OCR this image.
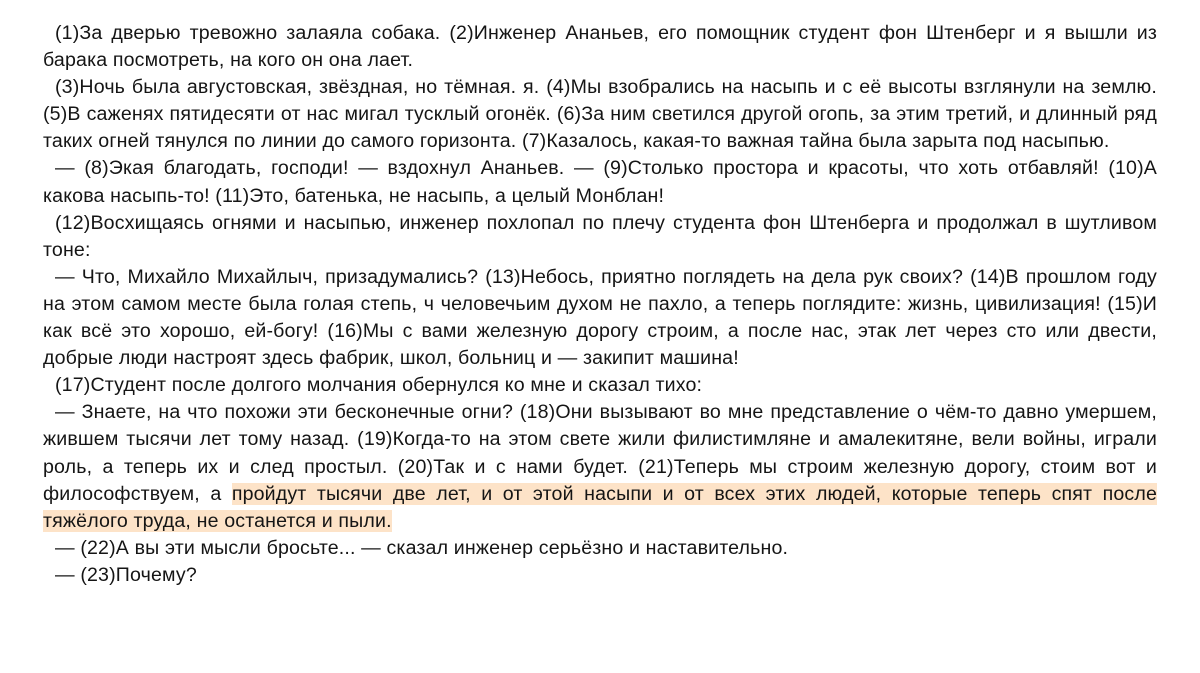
(1)За дверью тревожно залаяла собака. (2)Инженер Ананьев, его помощник студент фон Штенберг и я вышли из барака посмотреть, на кого он она лает.

(3)Ночь была августовская, звёздная, но тёмная. я. (4)Мы взобрались на насыпь и с её высоты взглянули на землю. (5)В саженях пятидесяти от нас мигал тусклый огонёк. (6)За ним светился другой огопь, за этим третий, и длинный ряд таких огней тянулся по линии до самого горизонта. (7)Казалось, какая-то важная тайна была зарыта под насыпью.

— (8)Экая благодать, господи! — вздохнул Ананьев. — (9)Столько простора и красоты, что хоть отбавляй! (10)А какова насыпь-то! (11)Это, батенька, не насыпь, а целый Монблан!

(12)Восхищаясь огнями и насыпью, инженер похлопал по плечу студента фон Штенберга и продолжал в шутливом тоне:

— Что, Михайло Михайлыч, призадумались? (13)Небось, приятно поглядеть на дела рук своих? (14)В прошлом году на этом самом месте была голая степь, ч человечьим духом не пахло, а теперь поглядите: жизнь, цивилизация! (15)И как всё это хорошо, ей-богу! (16)Мы с вами железную дорогу строим, а после нас, этак лет через сто или двести, добрые люди настроят здесь фабрик, школ, больниц и — закипит машина!

(17)Студент после долгого молчания обернулся ко мне и сказал тихо:

— Знаете, на что похожи эти бесконечные огни? (18)Они вызывают во мне представление о чём-то давно умершем, жившем тысячи лет тому назад. (19)Когда-то на этом свете жили филистимляне и амалекитяне, вели войны, играли роль, а теперь их и след простыл. (20)Так и с нами будет. (21)Теперь мы строим железную дорогу, стоим вот и философствуем, а пройдут тысячи две лет, и от этой насыпи и от всех этих людей, которые теперь спят после тяжёлого труда, не останется и пыли.

— (22)А вы эти мысли бросьте... — сказал инженер серьёзно и наставительно.

— (23)Почему?
